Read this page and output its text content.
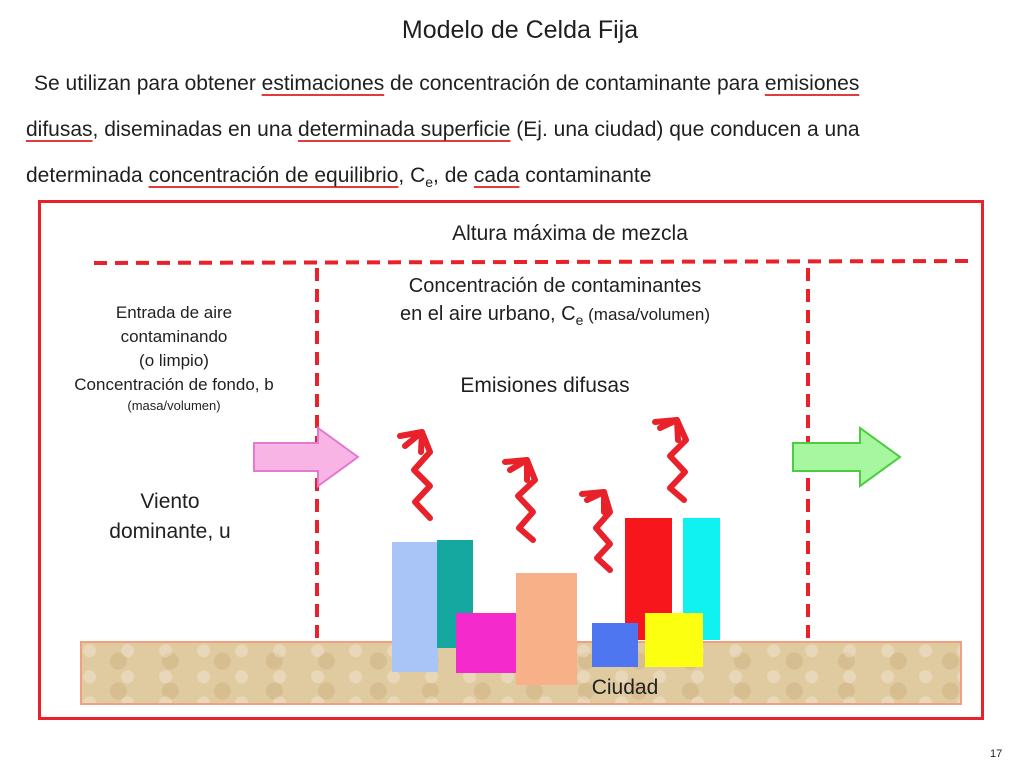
Modelo de Celda Fija
Se utilizan para obtener estimaciones de concentración de contaminante para emisiones
difusas, diseminadas en una determinada superficie (Ej. una ciudad) que conducen a una
determinada concentración de equilibrio, $C_e$, de cada contaminante
Altura máxima de mezcla
Concentración de contaminantes
en el aire urbano, $C_e$ (masa/volumen)
Entrada de aire
contaminando
(o limpio)
Concentración de fondo, b
(masa/volumen)
Viento
dominante, u
Emisiones difusas
Ciudad
17
